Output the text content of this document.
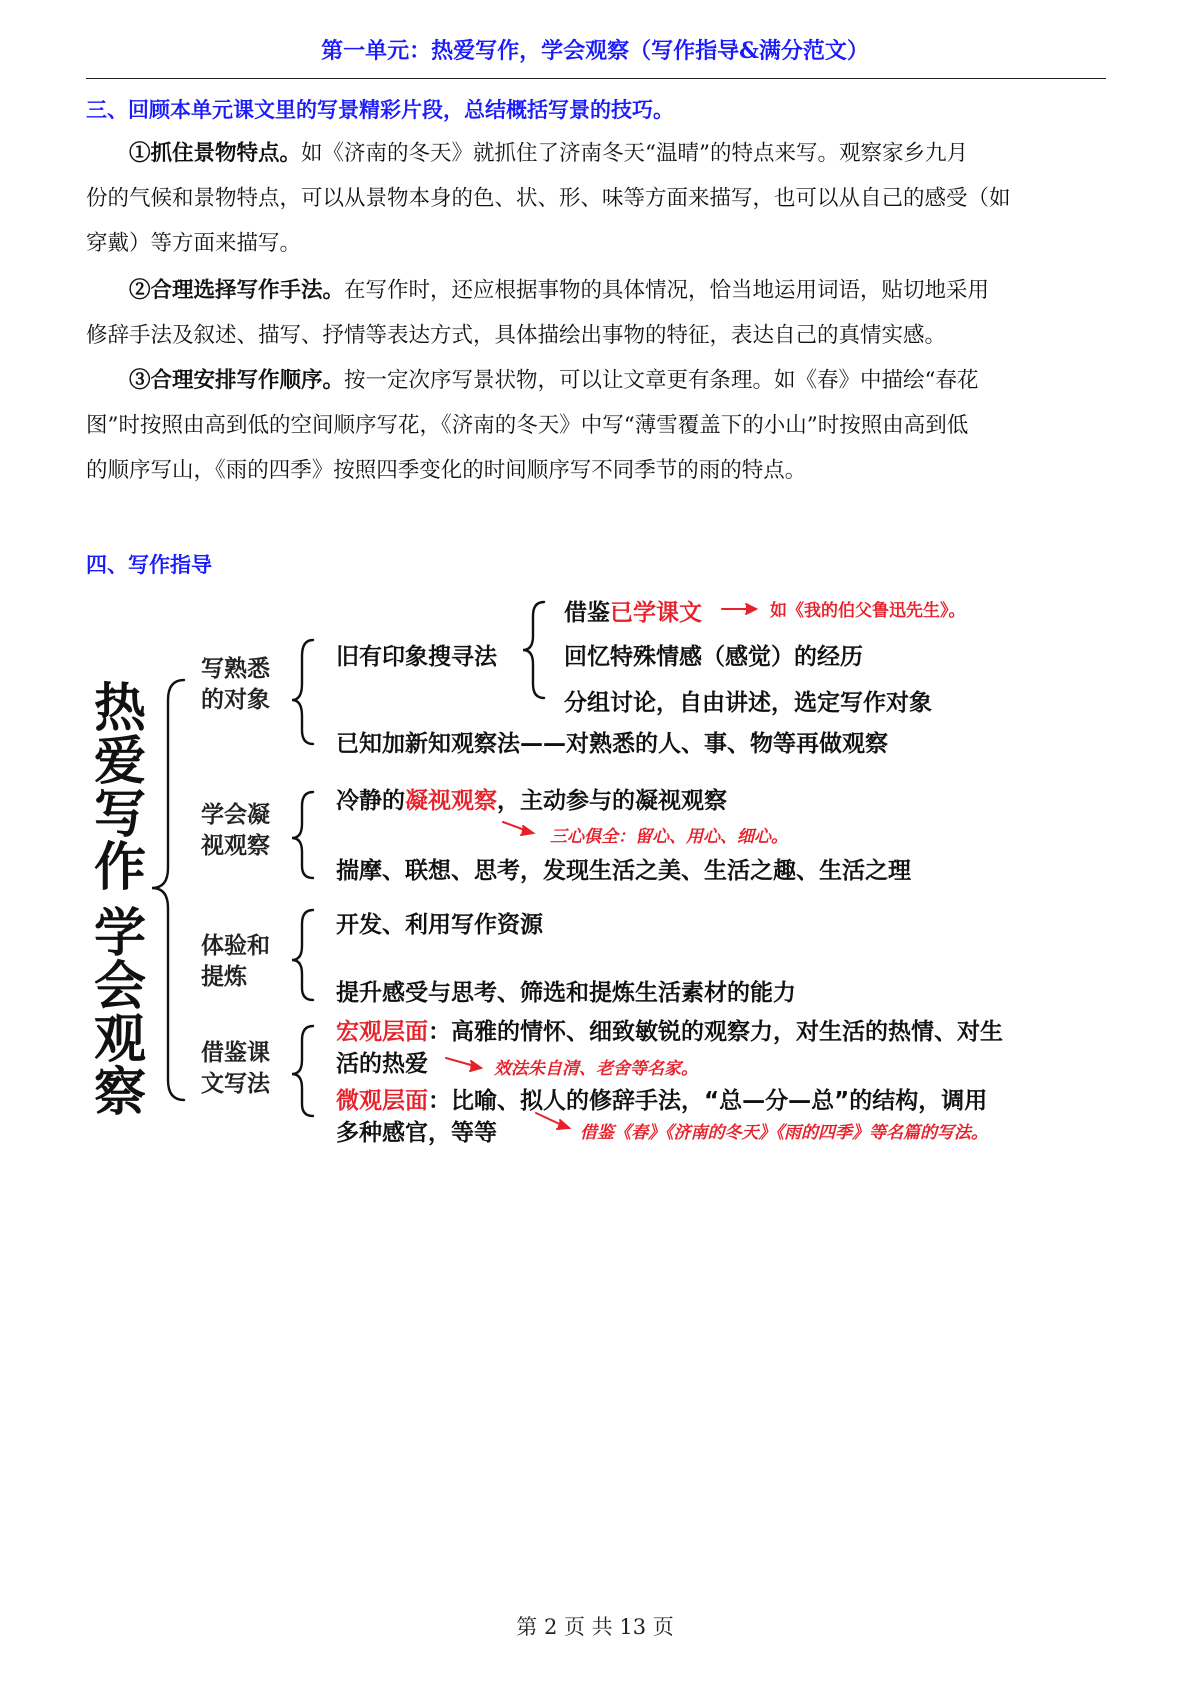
第一单元：热爱写作，学会观察（写作指导&满分范文）
三、回顾本单元课文里的写景精彩片段，总结概括写景的技巧。
①抓住景物特点。如《济南的冬天》就抓住了济南冬天“温晴”的特点来写。观察家乡九月
份的气候和景物特点，可以从景物本身的色、状、形、味等方面来描写，也可以从自己的感受（如
穿戴）等方面来描写。
②合理选择写作手法。在写作时，还应根据事物的具体情况，恰当地运用词语，贴切地采用
修辞手法及叙述、描写、抒情等表达方式，具体描绘出事物的特征，表达自己的真情实感。
③合理安排写作顺序。按一定次序写景状物，可以让文章更有条理。如《春》中描绘“春花
图”时按照由高到低的空间顺序写花，《济南的冬天》中写“薄雪覆盖下的小山”时按照由高到低
的顺序写山，《雨的四季》按照四季变化的时间顺序写不同季节的雨的特点。
四、写作指导
热
爱
写
作
学
会
观
察
写熟悉
的对象
旧有印象搜寻法
借鉴已学课文	如《我的伯父鲁迅先生》。
回忆特殊情感（感觉）的经历
分组讨论，自由讲述，选定写作对象
已知加新知观察法——对熟悉的人、事、物等再做观察
学会凝
视观察
冷静的凝视观察，主动参与的凝视观察
三心俱全：留心、用心、细心。
揣摩、联想、思考，发现生活之美、生活之趣、生活之理
体验和
提炼
开发、利用写作资源
提升感受与思考、筛选和提炼生活素材的能力
借鉴课
文写法
宏观层面：高雅的情怀、细致敏锐的观察力，对生活的热情、对生
活的热爱	效法朱自清、老舍等名家。
微观层面：比喻、拟人的修辞手法，“总—分—总”的结构，调用
多种感官，等等	借鉴《春》《济南的冬天》《雨的四季》等名篇的写法。
第 2 页 共 13 页
